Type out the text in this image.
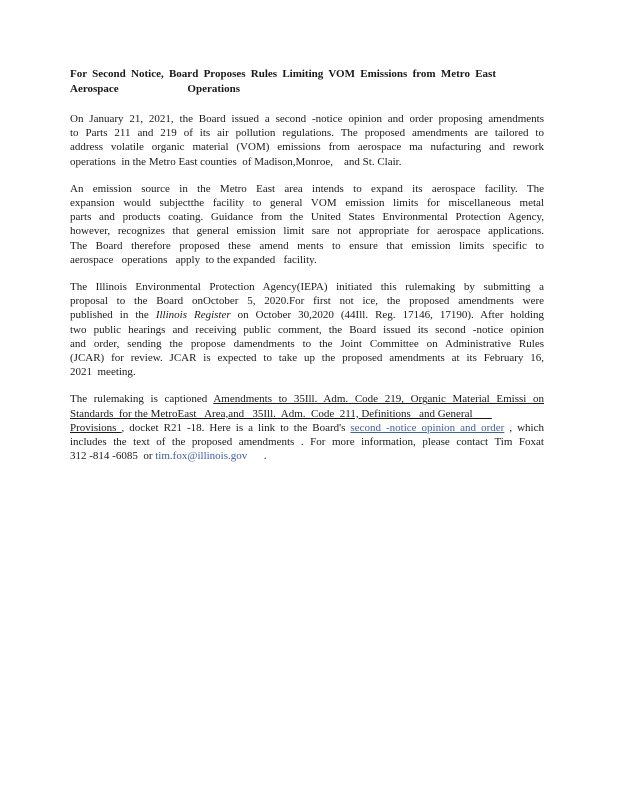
For Second Notice, Board Proposes Rules Limiting VOM Emissions from Metro East
Aerospace                         Operations
On January 21, 2021, the Board issued a second -notice opinion and order proposing amendments
to Parts 211 and 219 of its air pollution regulations. The proposed amendments are tailored to
address volatile organic material (VOM) emissions from aerospace ma nufacturing and rework
operations  in the Metro East counties  of Madison,Monroe,    and St. Clair.
An emission source in the Metro East area intends to expand its aerospace facility. The
expansion would subjectthe facility to general VOM emission limits for miscellaneous metal
parts and products coating. Guidance from the United States Environmental Protection Agency,
however, recognizes that general emission limit sare not appropriate for aerospace applications.
The Board therefore proposed these amend ments to ensure that emission limits specific to
aerospace   operations   apply  to the expanded   facility.
The Illinois Environmental Protection Agency(IEPA) initiated this rulemaking by submitting a
proposal to the Board onOctober 5, 2020.For first not ice, the proposed amendments were
published in the Illinois Register on October 30,2020 (44Ill. Reg. 17146, 17190). After holding
two public hearings and receiving public comment, the Board issued its second -notice opinion
and order, sending the propose damendments to the Joint Committee on Administrative Rules
(JCAR) for review. JCAR is expected to take up the proposed amendments at its February 16,
2021  meeting.
The rulemaking is captioned Amendments to 35Ill. Adm. Code 219, Organic Material Emissi on
Standards  for the MetroEast   Area,and   35Ill.  Adm.  Code  211, Definitions   and General
Provisions , docket R21 -18. Here is a link to the Board's second -notice opinion and order , which
includes the text of the proposed amendments . For more information, please contact Tim Foxat
312 -814 -6085  or tim.fox@illinois.gov      .
